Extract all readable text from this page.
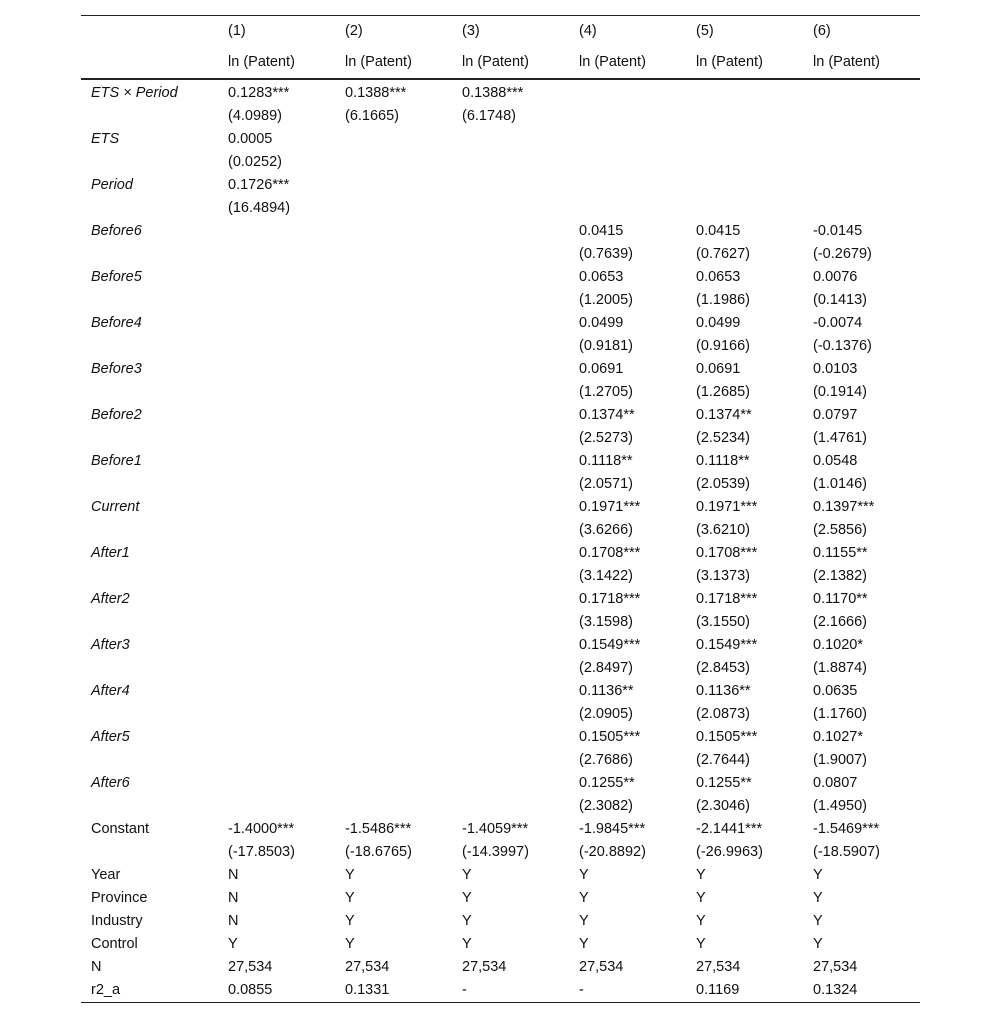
	(1)	(2)	(3)	(4)	(5)	(6)
	ln (Patent)	ln (Patent)	ln (Patent)	ln (Patent)	ln (Patent)	ln (Patent)
ETS × Period	0.1283***	0.1388***	0.1388***			
	(4.0989)	(6.1665)	(6.1748)			
ETS	0.0005					
	(0.0252)					
Period	0.1726***					
	(16.4894)					
Before6				0.0415	0.0415	-0.0145
				(0.7639)	(0.7627)	(-0.2679)
Before5				0.0653	0.0653	0.0076
				(1.2005)	(1.1986)	(0.1413)
Before4				0.0499	0.0499	-0.0074
				(0.9181)	(0.9166)	(-0.1376)
Before3				0.0691	0.0691	0.0103
				(1.2705)	(1.2685)	(0.1914)
Before2				0.1374**	0.1374**	0.0797
				(2.5273)	(2.5234)	(1.4761)
Before1				0.1118**	0.1118**	0.0548
				(2.0571)	(2.0539)	(1.0146)
Current				0.1971***	0.1971***	0.1397***
				(3.6266)	(3.6210)	(2.5856)
After1				0.1708***	0.1708***	0.1155**
				(3.1422)	(3.1373)	(2.1382)
After2				0.1718***	0.1718***	0.1170**
				(3.1598)	(3.1550)	(2.1666)
After3				0.1549***	0.1549***	0.1020*
				(2.8497)	(2.8453)	(1.8874)
After4				0.1136**	0.1136**	0.0635
				(2.0905)	(2.0873)	(1.1760)
After5				0.1505***	0.1505***	0.1027*
				(2.7686)	(2.7644)	(1.9007)
After6				0.1255**	0.1255**	0.0807
				(2.3082)	(2.3046)	(1.4950)
Constant	-1.4000***	-1.5486***	-1.4059***	-1.9845***	-2.1441***	-1.5469***
	(-17.8503)	(-18.6765)	(-14.3997)	(-20.8892)	(-26.9963)	(-18.5907)
Year	N	Y	Y	Y	Y	Y
Province	N	Y	Y	Y	Y	Y
Industry	N	Y	Y	Y	Y	Y
Control	Y	Y	Y	Y	Y	Y
N	27,534	27,534	27,534	27,534	27,534	27,534
r2_a	0.0855	0.1331	-	-	0.1169	0.1324
